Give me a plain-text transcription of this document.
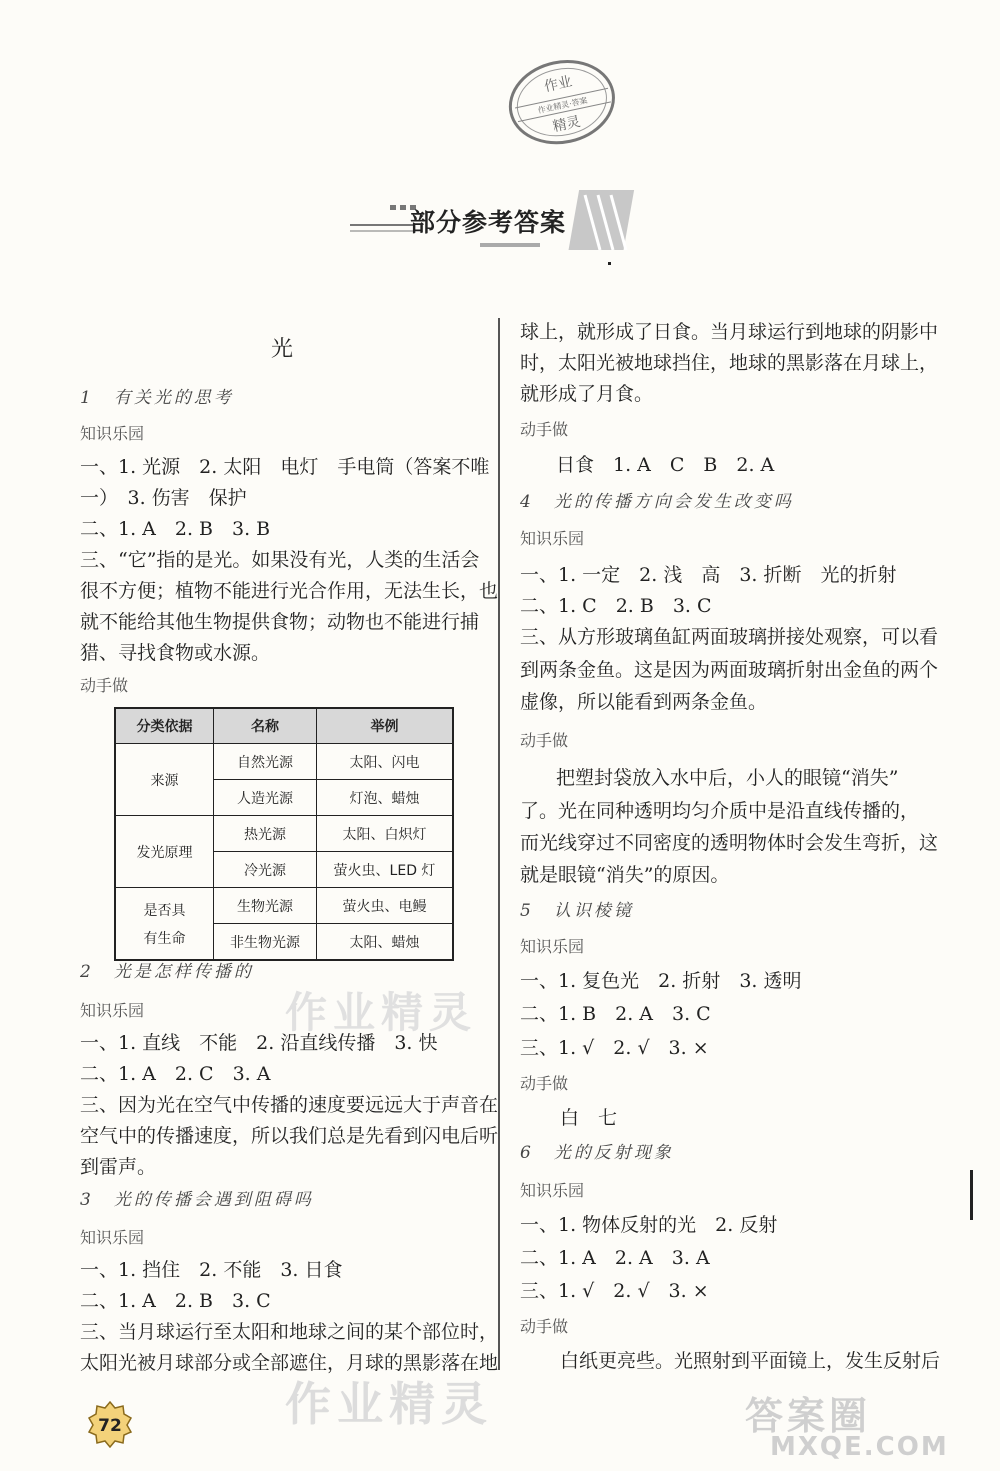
作业
作业精灵·答案
精灵
部分参考答案
光
1　有关光的思考
知识乐园
一、1. 光源　2. 太阳　电灯　手电筒（答案不唯
一）　3. 伤害　保护
二、1. A　2. B　3. B
三、“它”指的是光。如果没有光，人类的生活会
很不方便；植物不能进行光合作用，无法生长，也
就不能给其他生物提供食物；动物也不能进行捕
猎、寻找食物或水源。
动手做
分类依据	名称	举例
来源	自然光源	太阳、闪电
	人造光源	灯泡、蜡烛
发光原理	热光源	太阳、白炽灯
	冷光源	萤火虫、LED 灯

是否具
有生命	生物光源	萤火虫、电鳗
	非生物光源	太阳、蜡烛
2　光是怎样传播的
知识乐园
一、1. 直线　不能　2. 沿直线传播　3. 快
二、1. A　2. C　3. A
三、因为光在空气中传播的速度要远远大于声音在
空气中的传播速度，所以我们总是先看到闪电后听
到雷声。
3　光的传播会遇到阻碍吗
知识乐园
一、1. 挡住　2. 不能　3. 日食
二、1. A　2. B　3. C
三、当月球运行至太阳和地球之间的某个部位时，
太阳光被月球部分或全部遮住，月球的黑影落在地
球上，就形成了日食。当月球运行到地球的阴影中
时，太阳光被地球挡住，地球的黑影落在月球上，
就形成了月食。
动手做
日食　1. A　C　B　2. A
4　光的传播方向会发生改变吗
知识乐园
一、1. 一定　2. 浅　高　3. 折断　光的折射
二、1. C　2. B　3. C
三、从方形玻璃鱼缸两面玻璃拼接处观察，可以看
到两条金鱼。这是因为两面玻璃折射出金鱼的两个
虚像，所以能看到两条金鱼。
动手做
把塑封袋放入水中后，小人的眼镜“消失”
了。光在同种透明均匀介质中是沿直线传播的，
而光线穿过不同密度的透明物体时会发生弯折，这
就是眼镜“消失”的原因。
5　认识棱镜
知识乐园
一、1. 复色光　2. 折射　3. 透明
二、1. B　2. A　3. C
三、1. √　2. √　3. ×
动手做
白　七
6　光的反射现象
知识乐园
一、1. 物体反射的光　2. 反射
二、1. A　2. A　3. A
三、1. √　2. √　3. ×
动手做
白纸更亮些。光照射到平面镜上，发生反射后
作业精灵
作业精灵	答案圈
MXQE.COM
72
